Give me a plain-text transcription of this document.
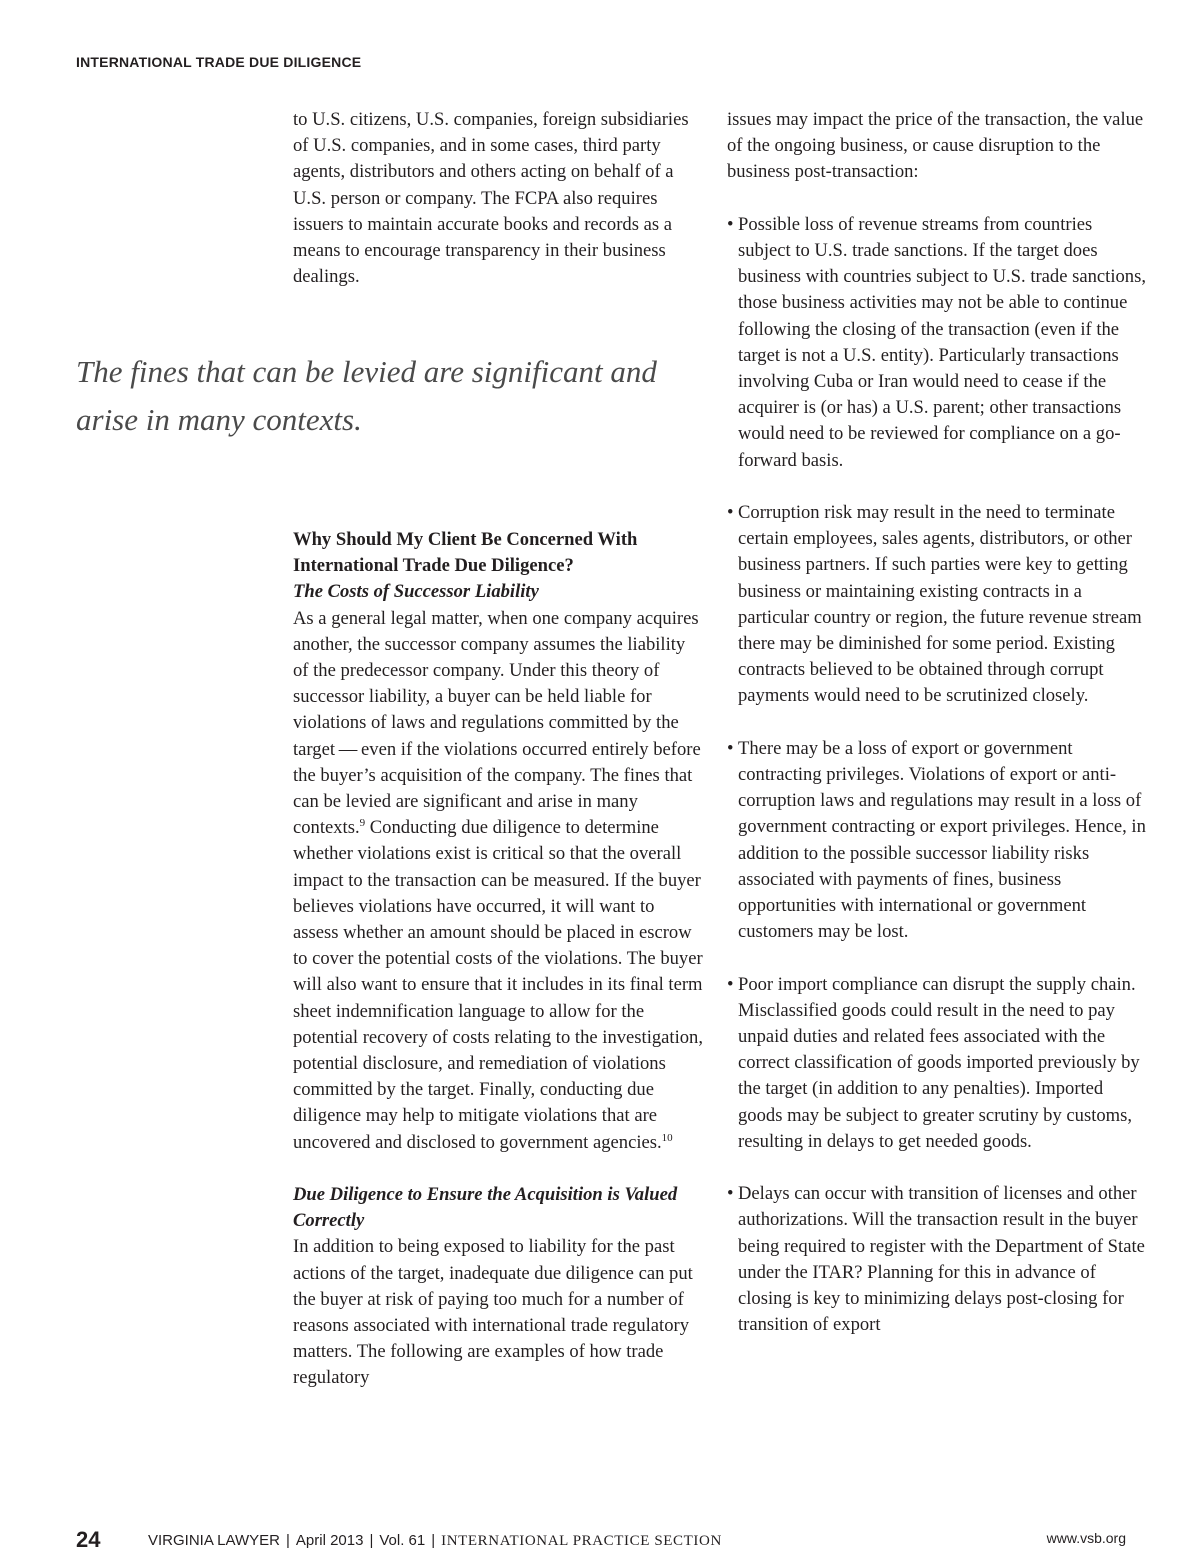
INTERNATIONAL TRADE DUE DILIGENCE

to U.S. citizens, U.S. companies, foreign subsidiaries of U.S. companies, and in some cases, third party agents, distributors and others acting on behalf of a U.S. person or company. The FCPA also requires issuers to maintain accurate books and records as a means to encourage transparency in their business dealings.

The fines that can be levied are significant and arise in many contexts.

Why Should My Client Be Concerned With International Trade Due Diligence?

The Costs of Successor Liability

As a general legal matter, when one company acquires another, the successor company assumes the liability of the predecessor company. Under this theory of successor liability, a buyer can be held liable for violations of laws and regulations committed by the target — even if the violations occurred entirely before the buyer’s acquisition of the company. The fines that can be levied are significant and arise in many contexts.$^9$ Conducting due diligence to determine whether violations exist is critical so that the overall impact to the transaction can be measured. If the buyer believes violations have occurred, it will want to assess whether an amount should be placed in escrow to cover the potential costs of the violations. The buyer will also want to ensure that it includes in its final term sheet indemnification language to allow for the potential recovery of costs relating to the investigation, potential disclosure, and remediation of violations committed by the target. Finally, conducting due diligence may help to mitigate violations that are uncovered and disclosed to government agencies.$^{10}$

Due Diligence to Ensure the Acquisition is Valued Correctly

In addition to being exposed to liability for the past actions of the target, inadequate due diligence can put the buyer at risk of paying too much for a number of reasons associated with international trade regulatory matters. The following are examples of how trade regulatory

issues may impact the price of the transaction, the value of the ongoing business, or cause disruption to the business post-transaction:

• Possible loss of revenue streams from countries subject to U.S. trade sanctions. If the target does business with countries subject to U.S. trade sanctions, those business activities may not be able to continue following the closing of the transaction (even if the target is not a U.S. entity). Particularly transactions involving Cuba or Iran would need to cease if the acquirer is (or has) a U.S. parent; other transactions would need to be reviewed for compliance on a go-forward basis.

• Corruption risk may result in the need to terminate certain employees, sales agents, distributors, or other business partners. If such parties were key to getting business or maintaining existing contracts in a particular country or region, the future revenue stream there may be diminished for some period. Existing contracts believed to be obtained through corrupt payments would need to be scrutinized closely.

• There may be a loss of export or government contracting privileges. Violations of export or anti-corruption laws and regulations may result in a loss of government contracting or export privileges. Hence, in addition to the possible successor liability risks associated with payments of fines, business opportunities with international or government customers may be lost.

• Poor import compliance can disrupt the supply chain. Misclassified goods could result in the need to pay unpaid duties and related fees associated with the correct classification of goods imported previously by the target (in addition to any penalties). Imported goods may be subject to greater scrutiny by customs, resulting in delays to get needed goods.

• Delays can occur with transition of licenses and other authorizations. Will the transaction result in the buyer being required to register with the Department of State under the ITAR? Planning for this in advance of closing is key to minimizing delays post-closing for transition of export

24	VIRGINIA LAWYER | April 2013 | Vol. 61 | INTERNATIONAL PRACTICE SECTION	www.vsb.org
